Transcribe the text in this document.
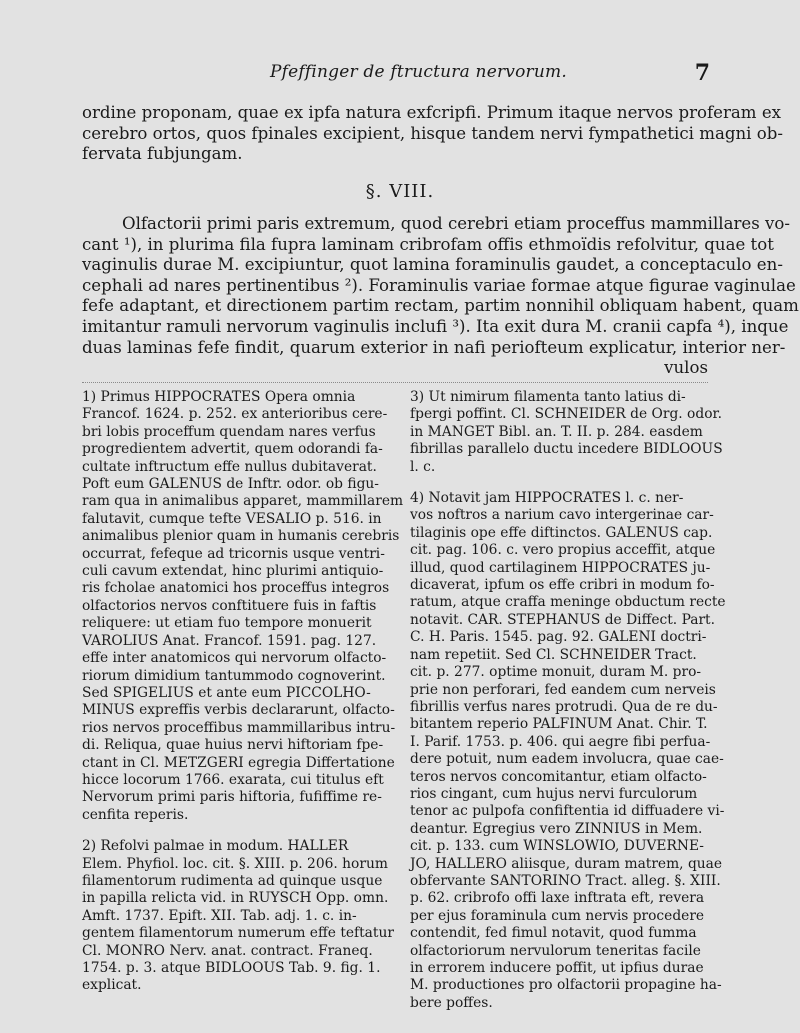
Pfeffinger de ftructura nervorum.	7

ordine proponam, quae ex ipfa natura exfcripfi. Primum itaque nervos proferam ex
cerebro ortos, quos fpinales excipient, hisque tandem nervi fympathetici magni ob-
fervata fubjungam.

§. VIII.
Olfactorii primi paris extremum, quod cerebri etiam proceffus mammillares vo-
cant ¹), in plurima fila fupra laminam cribrofam offis ethmoïdis refolvitur, quae tot
vaginulis durae M. excipiuntur, quot lamina foraminulis gaudet, a conceptaculo en-
cephali ad nares pertinentibus ²). Foraminulis variae formae atque figurae vaginulae
fefe adaptant, et directionem partim rectam, partim nonnihil obliquam habent, quam
imitantur ramuli nervorum vaginulis inclufi ³). Ita exit dura M. cranii capfa ⁴), inque
duas laminas fefe findit, quarum exterior in nafi periofteum explicatur, interior ner-
vulos
1) Primus HIPPOCRATES Opera omnia
Francof. 1624. p. 252. ex anterioribus cere-
bri lobis proceffum quendam nares verfus
progredientem advertit, quem odorandi fa-
cultate inftructum effe nullus dubitaverat.
Poft eum GALENUS de Inftr. odor. ob figu-
ram qua in animalibus apparet, mammillarem
falutavit, cumque tefte VESALIO p. 516. in
animalibus plenior quam in humanis cerebris
occurrat, fefeque ad tricornis usque ventri-
culi cavum extendat, hinc plurimi antiquio-
ris fcholae anatomici hos proceffus integros
olfactorios nervos conftituere fuis in faftis
reliquere: ut etiam fuo tempore monuerit
VAROLIUS Anat. Francof. 1591. pag. 127.
effe inter anatomicos qui nervorum olfacto-
riorum dimidium tantummodo cognoverint.
Sed SPIGELIUS et ante eum PICCOLHO-
MINUS expreffis verbis declararunt, olfacto-
rios nervos proceffibus mammillaribus intru-
di. Reliqua, quae huius nervi hiftoriam fpe-
ctant in Cl. METZGERI egregia Differtatione
hicce locorum 1766. exarata, cui titulus eft
Nervorum primi paris hiftoria, fufiffime re-
cenfita reperis.
2) Refolvi palmae in modum. HALLER
Elem. Phyfiol. loc. cit. §. XIII. p. 206. horum
filamentorum rudimenta ad quinque usque
in papilla relicta vid. in RUYSCH Opp. omn.
Amft. 1737. Epift. XII. Tab. adj. 1. c. in-
gentem filamentorum numerum effe teftatur
Cl. MONRO Nerv. anat. contract. Franeq.
1754. p. 3. atque BIDLOOUS Tab. 9. fig. 1.
explicat.
3) Ut nimirum filamenta tanto latius di-
fpergi poffint. Cl. SCHNEIDER de Org. odor.
in MANGET Bibl. an. T. II. p. 284. easdem
fibrillas parallelo ductu incedere BIDLOOUS
l. c.
4) Notavit jam HIPPOCRATES l. c. ner-
vos noftros a narium cavo intergerinae car-
tilaginis ope effe diftinctos. GALENUS cap.
cit. pag. 106. c. vero propius acceffit, atque
illud, quod cartilaginem HIPPOCRATES ju-
dicaverat, ipfum os effe cribri in modum fo-
ratum, atque craffa meninge obductum recte
notavit. CAR. STEPHANUS de Diffect. Part.
C. H. Paris. 1545. pag. 92. GALENI doctri-
nam repetiit. Sed Cl. SCHNEIDER Tract.
cit. p. 277. optime monuit, duram M. pro-
prie non perforari, fed eandem cum nerveis
fibrillis verfus nares protrudi. Qua de re du-
bitantem reperio PALFINUM Anat. Chir. T.
I. Parif. 1753. p. 406. qui aegre fibi perfua-
dere potuit, num eadem involucra, quae cae-
teros nervos concomitantur, etiam olfacto-
rios cingant, cum hujus nervi furculorum
tenor ac pulpofa confiftentia id diffuadere vi-
deantur. Egregius vero ZINNIUS in Mem.
cit. p. 133. cum WINSLOWIO, DUVERNE-
JO, HALLERO aliisque, duram matrem, quae
obfervante SANTORINO Tract. alleg. §. XIII.
p. 62. cribrofo offi laxe inftrata eft, revera
per ejus foraminula cum nervis procedere
contendit, fed fimul notavit, quod fumma
olfactoriorum nervulorum teneritas facile
in errorem inducere poffit, ut ipfius durae
M. productiones pro olfactorii propagine ha-
bere poffes.
